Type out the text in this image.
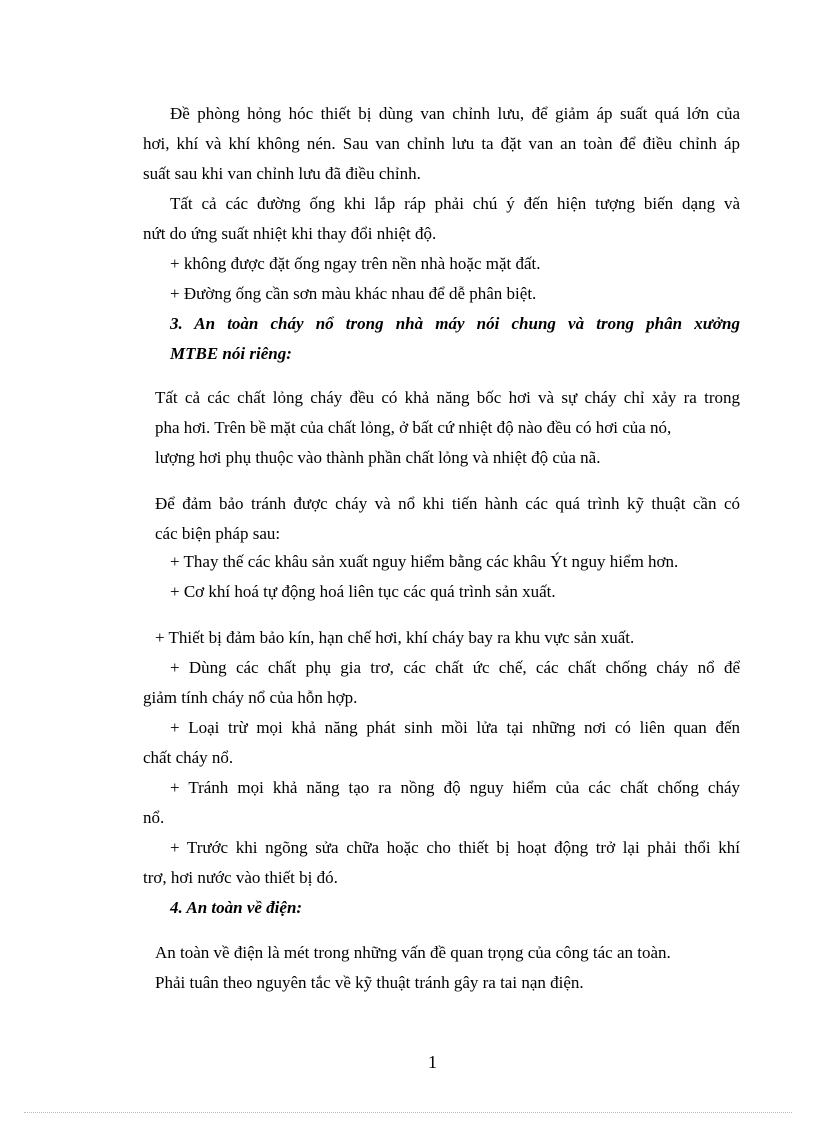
Đề phòng hỏng hóc thiết bị dùng van chỉnh lưu, để giảm áp suất quá lớn của
hơi, khí và khí không nén. Sau van chỉnh lưu ta đặt van an toàn để điều chỉnh áp
suất sau khi van chỉnh lưu đã điều chỉnh.
Tất cả các đường ống khi lắp ráp phải chú ý đến hiện tượng biến dạng và
nứt do ứng suất nhiệt khi thay đổi nhiệt độ.
+ không được đặt ống ngay trên nền nhà hoặc mặt đất.
+ Đường ống cần sơn màu khác nhau để dễ phân biệt.
3. An toàn cháy nổ trong nhà máy nói chung và trong phân xưởng
MTBE nói riêng:
Tất cả các chất lỏng cháy đều có khả năng bốc hơi và sự cháy chỉ xảy ra trong
pha hơi. Trên bề mặt của chất lỏng, ở bất cứ nhiệt độ nào đều có hơi của nó,
lượng hơi phụ thuộc vào thành phần chất lỏng và nhiệt độ của nã.
Để đảm bảo tránh được cháy và nổ khi tiến hành các quá trình kỹ thuật cần có
các biện pháp sau:
+ Thay thế các khâu sản xuất nguy hiểm bằng các khâu Ýt nguy hiểm hơn.
+ Cơ khí hoá tự động hoá liên tục các quá trình sản xuất.
+ Thiết bị đảm bảo kín, hạn chế hơi, khí cháy bay ra khu vực sản xuất.
+ Dùng các chất phụ gia trơ, các chất ức chế, các chất chống cháy nổ để
giảm tính cháy nổ của hỗn hợp.
+ Loại trừ mọi khả năng phát sinh mồi lửa tại những nơi có liên quan đến
chất cháy nổ.
+ Tránh mọi khả năng tạo ra nồng độ nguy hiểm của các chất chống cháy
nổ.
+ Trước khi ngõng sửa chữa hoặc cho thiết bị hoạt động trở lại phải thổi khí
trơ, hơi nước vào thiết bị đó.
4. An toàn về điện:
An toàn về điện là mét trong những vấn đề quan trọng của công tác an toàn.
Phải tuân theo nguyên tắc về kỹ thuật tránh gây ra tai nạn điện.
1
